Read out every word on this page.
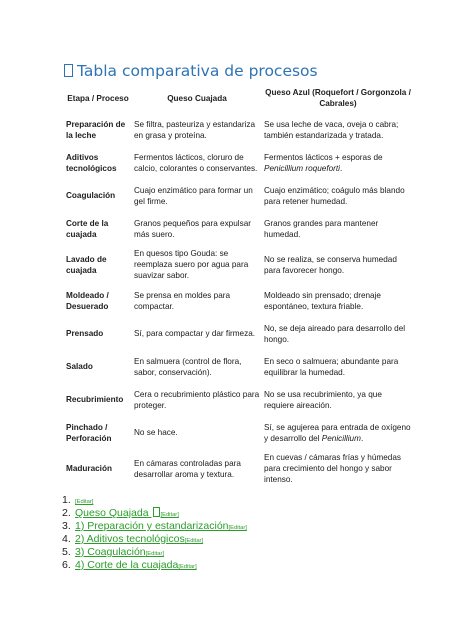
Tabla comparativa de procesos
Etapa / Proceso	Queso Cuajada	Queso Azul (Roquefort / Gorgonzola / Cabrales)
Preparación de la leche	Se filtra, pasteuriza y estandariza en grasa y proteína.	Se usa leche de vaca, oveja o cabra; también estandarizada y tratada.
Aditivos tecnológicos	Fermentos lácticos, cloruro de calcio, colorantes o conservantes.	Fermentos lácticos + esporas de Penicillium roqueforti.
Coagulación	Cuajo enzimático para formar un gel firme.	Cuajo enzimático; coágulo más blando para retener humedad.
Corte de la cuajada	Granos pequeños para expulsar más suero.	Granos grandes para mantener humedad.
Lavado de cuajada	En quesos tipo Gouda: se reemplaza suero por agua para suavizar sabor.	No se realiza, se conserva humedad para favorecer hongo.
Moldeado / Desuerado	Se prensa en moldes para compactar.	Moldeado sin prensado; drenaje espontáneo, textura friable.
Prensado	Sí, para compactar y dar firmeza.	No, se deja aireado para desarrollo del hongo.
Salado	En salmuera (control de flora, sabor, conservación).	En seco o salmuera; abundante para equilibrar la humedad.
Recubrimiento	Cera o recubrimiento plástico para proteger.	No se usa recubrimiento, ya que requiere aireación.
Pinchado / Perforación	No se hace.	Sí, se agujerea para entrada de oxígeno y desarrollo del Penicillium.
Maduración	En cámaras controladas para desarrollar aroma y textura.	En cuevas / cámaras frías y húmedas para crecimiento del hongo y sabor intenso.
1. [Editar]
2. Queso Quajada [Editar]
3. 1) Preparación y estandarización[Editar]
4. 2) Aditivos tecnológicos[Editar]
5. 3) Coagulación[Editar]
6. 4) Corte de la cuajada[Editar]
